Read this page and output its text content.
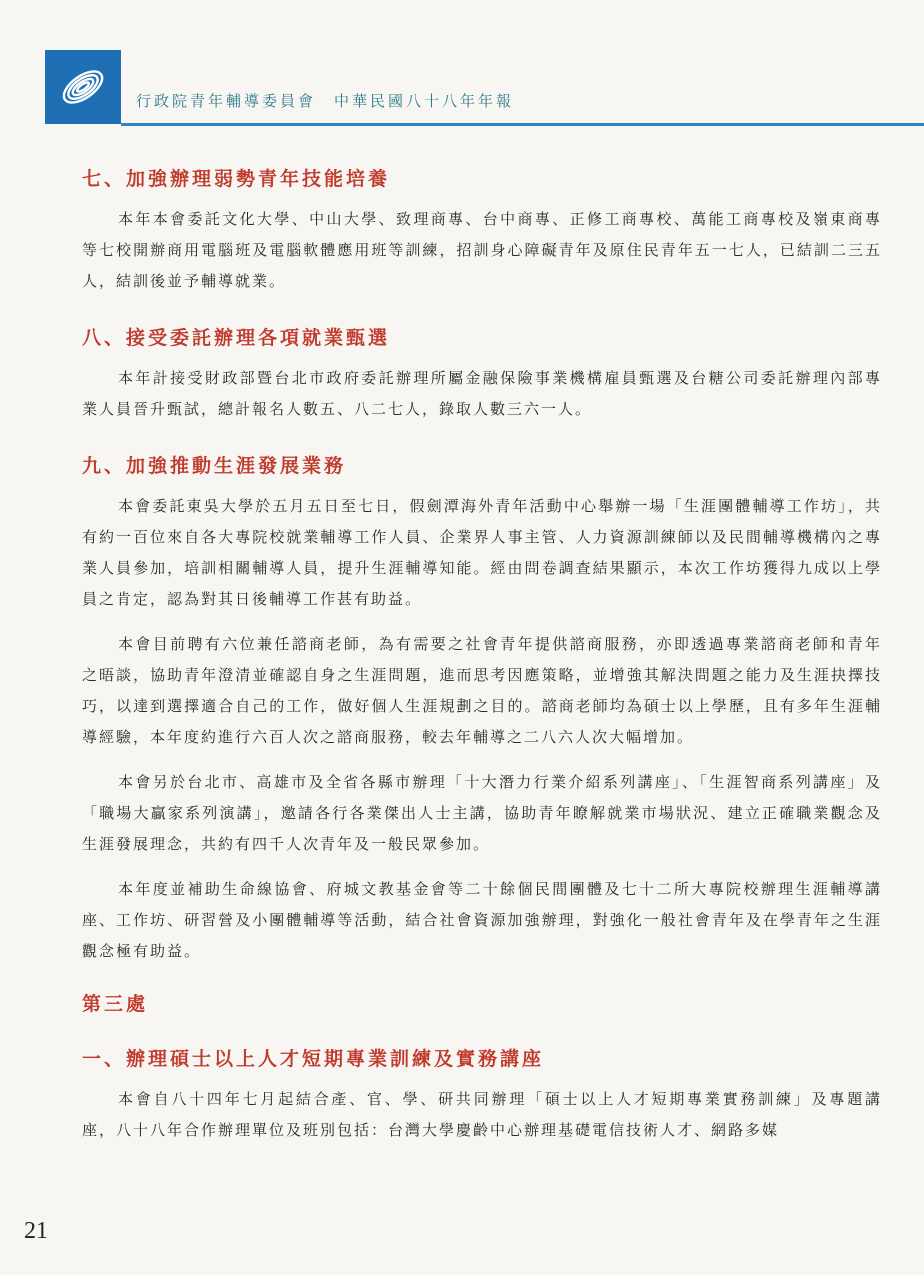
行政院青年輔導委員會　中華民國八十八年年報
七、加強辦理弱勢青年技能培養

本年本會委託文化大學、中山大學、致理商專、台中商專、正修工商專校、萬能工商專校及嶺東商專等七校開辦商用電腦班及電腦軟體應用班等訓練，招訓身心障礙青年及原住民青年五一七人，已結訓二三五人，結訓後並予輔導就業。

八、接受委託辦理各項就業甄選

本年計接受財政部暨台北市政府委託辦理所屬金融保險事業機構雇員甄選及台糖公司委託辦理內部專業人員晉升甄試，總計報名人數五、八二七人，錄取人數三六一人。

九、加強推動生涯發展業務

本會委託東吳大學於五月五日至七日，假劍潭海外青年活動中心舉辦一場「生涯團體輔導工作坊」，共有約一百位來自各大專院校就業輔導工作人員、企業界人事主管、人力資源訓練師以及民間輔導機構內之專業人員參加，培訓相關輔導人員，提升生涯輔導知能。經由問卷調查結果顯示，本次工作坊獲得九成以上學員之肯定，認為對其日後輔導工作甚有助益。

本會目前聘有六位兼任諮商老師，為有需要之社會青年提供諮商服務，亦即透過專業諮商老師和青年之晤談，協助青年澄清並確認自身之生涯問題，進而思考因應策略，並增強其解決問題之能力及生涯抉擇技巧，以達到選擇適合自己的工作，做好個人生涯規劃之目的。諮商老師均為碩士以上學歷，且有多年生涯輔導經驗，本年度約進行六百人次之諮商服務，較去年輔導之二八六人次大幅增加。

本會另於台北市、高雄市及全省各縣市辦理「十大潛力行業介紹系列講座」、「生涯智商系列講座」及「職場大贏家系列演講」，邀請各行各業傑出人士主講，協助青年瞭解就業市場狀況、建立正確職業觀念及生涯發展理念，共約有四千人次青年及一般民眾參加。

本年度並補助生命線協會、府城文教基金會等二十餘個民間團體及七十二所大專院校辦理生涯輔導講座、工作坊、研習營及小團體輔導等活動，結合社會資源加強辦理，對強化一般社會青年及在學青年之生涯觀念極有助益。

第三處
一、辦理碩士以上人才短期專業訓練及實務講座

本會自八十四年七月起結合產、官、學、研共同辦理「碩士以上人才短期專業實務訓練」及專題講座，八十八年合作辦理單位及班別包括：台灣大學慶齡中心辦理基礎電信技術人才、網路多媒

21
